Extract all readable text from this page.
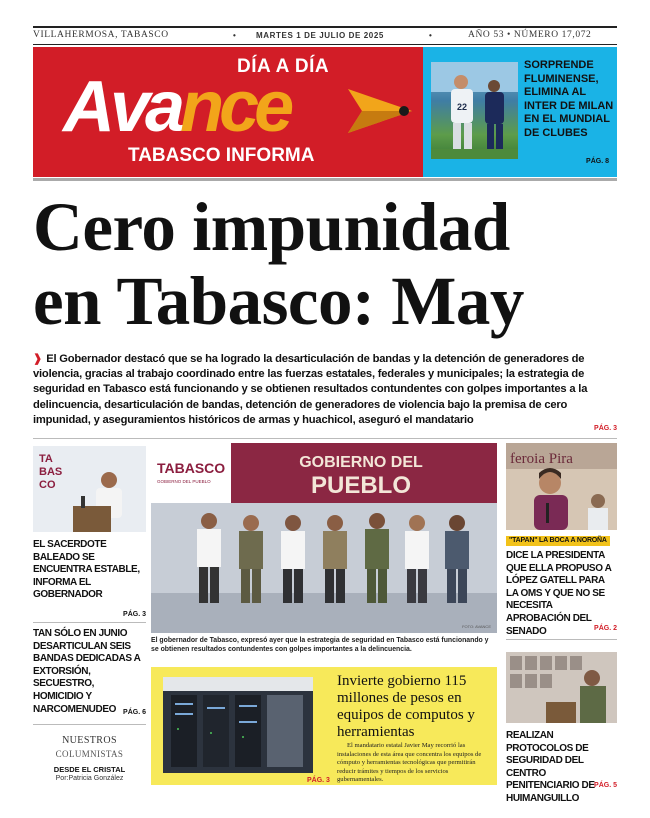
VILLAHERMOSA, TABASCO	• MARTES 1 DE JULIO DE 2025	•	AÑO 53 • NÚMERO 17,072
DÍA A DÍA
Avance
TABASCO INFORMA
22
SORPRENDE FLUMINENSE, ELIMINA AL INTER DE MILAN EN EL MUNDIAL DE CLUBES
PÁG. 8
Cero impunidad
en Tabasco: May
❱ El Gobernador destacó que se ha logrado la desarticulación de bandas y la detención de generadores de violencia, gracias al trabajo coordinado entre las fuerzas estatales, federales y municipales; la estrategia de seguridad en Tabasco está funcionando y se obtienen resultados contundentes con golpes importantes a la delincuencia, desarticulación de bandas, detención de generadores de violencia bajo la premisa de cero impunidad, y aseguramientos históricos de armas y huachicol, aseguró el mandatario
PÁG. 3
TA
BAS
CO
EL SACERDOTE BALEADO SE ENCUENTRA ESTABLE, INFORMA EL GOBERNADOR
PÁG. 3
TAN SÓLO EN JUNIO DESARTICULAN SEIS BANDAS DEDICADAS A EXTORSIÓN, SECUESTRO, HOMICIDIO Y NARCOMENUDEO	PÁG. 6
NUESTROS
COLUMNISTAS
DESDE EL CRISTAL
Por:Patricia González
TABASCO
GOBIERNO DEL PUEBLO
GOBIERNO DEL
PUEBLO
FOTO: AVANCE
El gobernador de Tabasco, expresó ayer que la estrategia de seguridad en Tabasco está funcionando y se obtienen resultados contundentes con golpes importantes a la delincuencia.
Invierte gobierno 115 millones de pesos en equipos de computos y herramientas
El mandatario estatal Javier May recorrió las instalaciones de esta área que concentra los equipos de cómputo y herramientas tecnológicas que permitirán reducir trámites y tiempos de los servicios gubernamentales.
PÁG. 3
feroia Pira
"TAPAN" LA BOCA A NOROÑA
DICE LA PRESIDENTA QUE ELLA PROPUSO A LÓPEZ GATELL PARA LA OMS Y QUE NO SE NECESITA APROBACIÓN DEL SENADO	PÁG. 2
REALIZAN PROTOCOLOS DE SEGURIDAD DEL CENTRO PENITENCIARIO DE HUIMANGUILLO
PÁG. 5
